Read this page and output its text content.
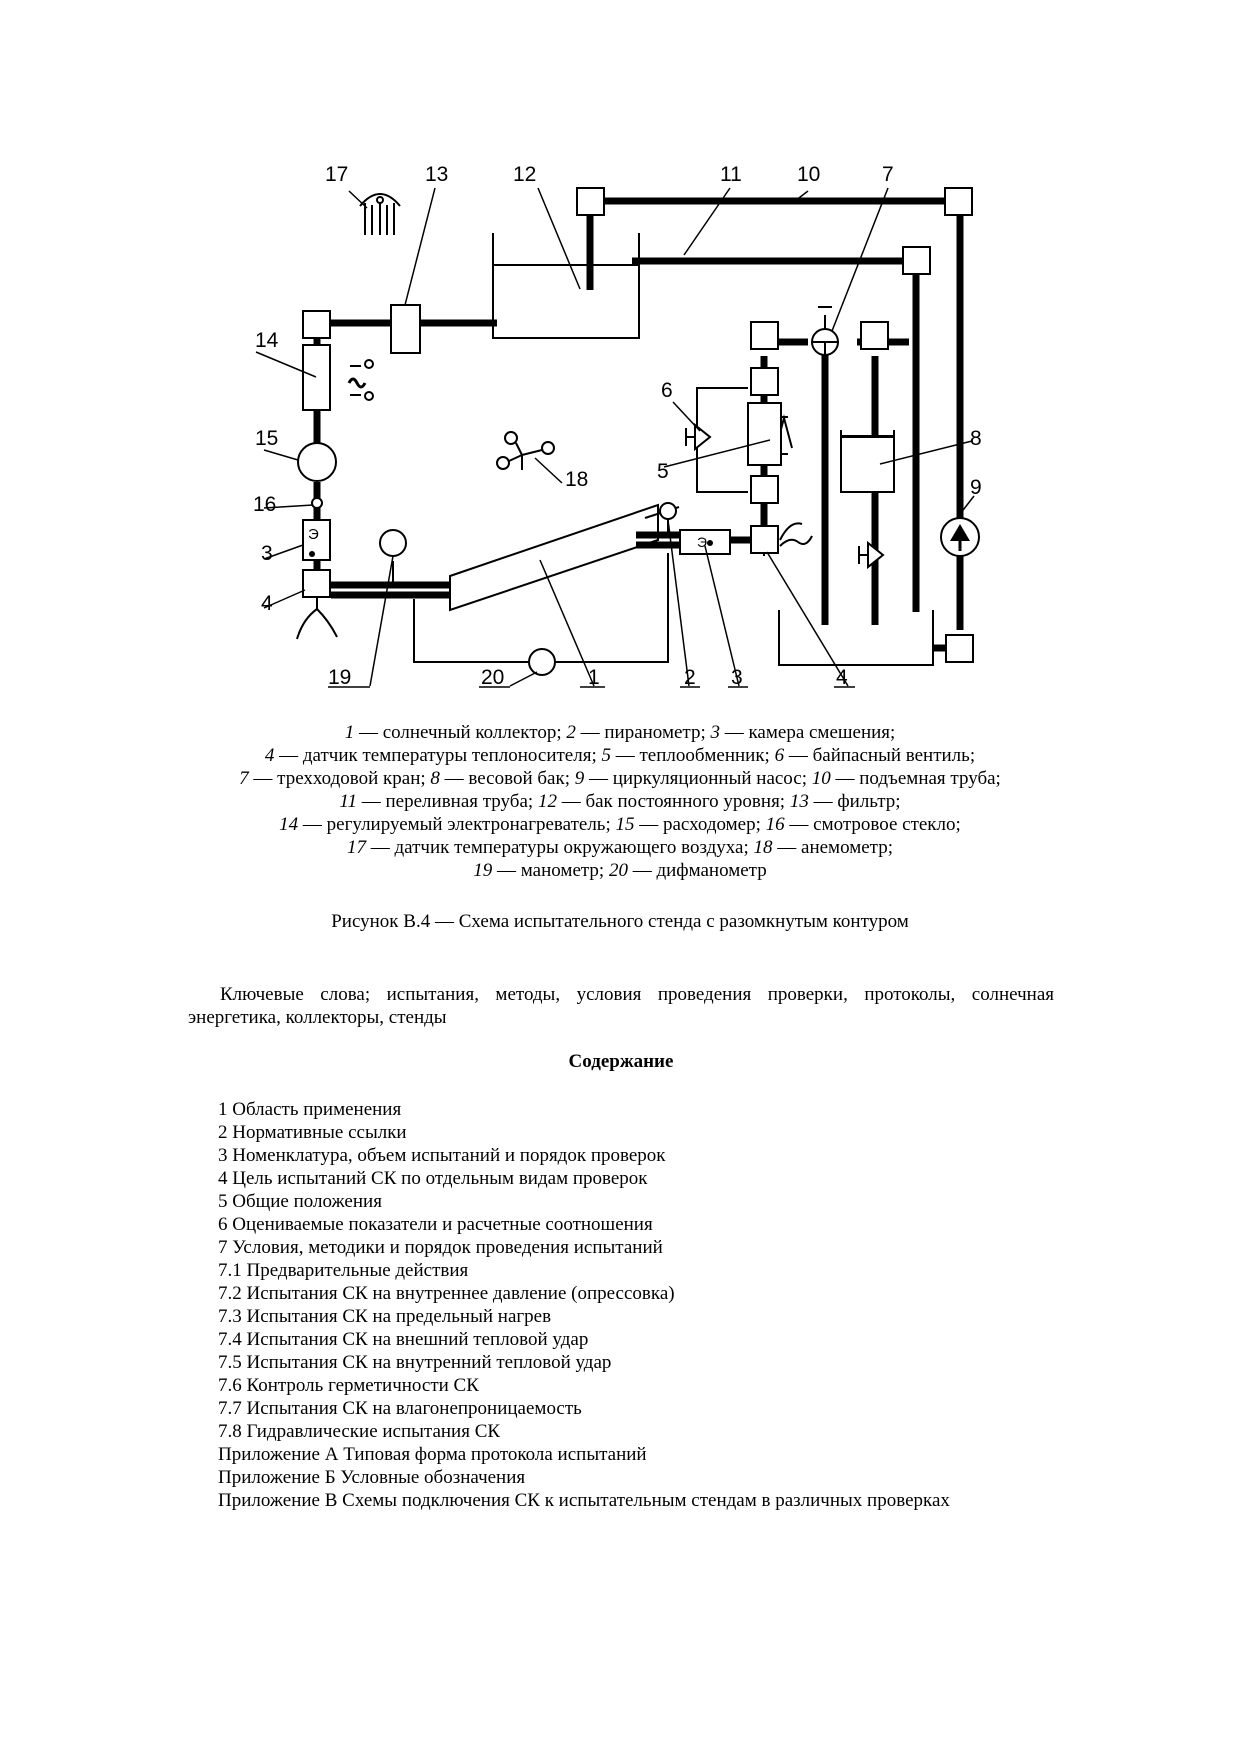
Э	Э
17	13	12	11	10	7
14
6
15
5
8
9
18
16
3
4
19	20	1	2 3	4
1 — солнечный коллектор; 2 — пиранометр; 3 — камера смешения;
4 — датчик температуры теплоносителя; 5 — теплообменник; 6 — байпасный вентиль;
7 — трехходовой кран; 8 — весовой бак; 9 — циркуляционный насос; 10 — подъемная труба;
11 — переливная труба; 12 — бак постоянного уровня; 13 — фильтр;
14 — регулируемый электронагреватель; 15 — расходомер; 16 — смотровое стекло;
17 — датчик температуры окружающего воздуха; 18 — анемометр;
19 — манометр; 20 — дифманометр
Рисунок В.4 — Схема испытательного стенда с разомкнутым контуром

Ключевые слова; испытания, методы, условия проведения проверки, протоколы, солнечная энергетика, коллекторы, стенды

Содержание

1 Область применения
2 Нормативные ссылки
3 Номенклатура, объем испытаний и порядок проверок
4 Цель испытаний СК по отдельным видам проверок
5 Общие положения
6 Оцениваемые показатели и расчетные соотношения
7 Условия, методики и порядок проведения испытаний
7.1 Предварительные действия
7.2 Испытания СК на внутреннее давление (опрессовка)
7.3 Испытания СК на предельный нагрев
7.4 Испытания СК на внешний тепловой удар
7.5 Испытания СК на внутренний тепловой удар
7.6 Контроль герметичности СК
7.7 Испытания СК на влагонепроницаемость
7.8 Гидравлические испытания СК
Приложение А Типовая форма протокола испытаний
Приложение Б Условные обозначения
Приложение В Схемы подключения СК к испытательным стендам в различных проверках
